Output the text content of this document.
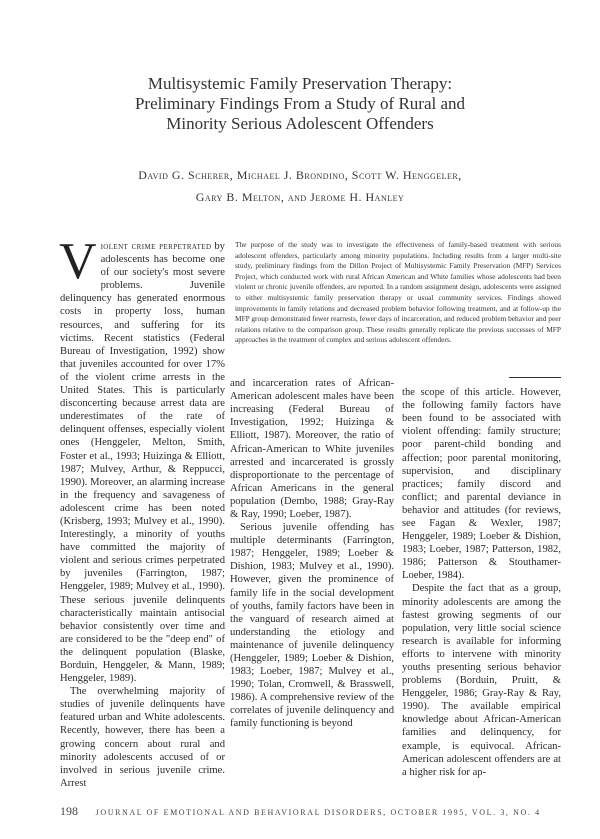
Multisystemic Family Preservation Therapy:
Preliminary Findings From a Study of Rural and
Minority Serious Adolescent Offenders
David G. Scherer, Michael J. Brondino, Scott W. Henggeler,
Gary B. Melton, and Jerome H. Hanley
V iolent crime perpetrated by adolescents has become one of our society's most severe problems. Juvenile delinquency has generated enormous costs in property loss, human resources, and suffering for its victims. Recent statistics (Federal Bureau of Investigation, 1992) show that juveniles accounted for over 17% of the violent crime arrests in the United States. This is particularly disconcerting because arrest data are underestimates of the rate of delinquent offenses, especially violent ones (Henggeler, Melton, Smith, Foster et al., 1993; Huizinga & Elliott, 1987; Mulvey, Arthur, & Reppucci, 1990). Moreover, an alarming increase in the frequency and savageness of adolescent crime has been noted (Krisberg, 1993; Mulvey et al., 1990). Interestingly, a minority of youths have committed the majority of violent and serious crimes perpetrated by juveniles (Farrington, 1987; Henggeler, 1989; Mulvey et al., 1990). These serious juvenile delinquents characteristically maintain antisocial behavior consistently over time and are considered to be the "deep end" of the delinquent population (Blaske, Borduin, Henggeler, & Mann, 1989; Henggeler, 1989).

The overwhelming majority of studies of juvenile delinquents have featured urban and White adolescents. Recently, however, there has been a growing concern about rural and minority adolescents accused of or involved in serious juvenile crime. Arrest

The purpose of the study was to investigate the effectiveness of family-based treatment with serious adolescent offenders, particularly among minority populations. Including results from a larger multi-site study, preliminary findings from the Dillon Project of Multisystemic Family Preservation (MFP) Services Project, which conducted work with rural African American and White families whose adolescents had been violent or chronic juvenile offenders, are reported. In a random assignment design, adolescents were assigned to either multisystemic family preservation therapy or usual community services. Findings showed improvements in family relations and decreased problem behavior following treatment, and at follow-up the MFP group demonstrated fewer rearrests, fewer days of incarceration, and reduced problem behavior and peer relations relative to the comparison group. These results generally replicate the previous successes of MFP approaches in the treatment of complex and serious adolescent offenders.

and incarceration rates of African-American adolescent males have been increasing (Federal Bureau of Investigation, 1992; Huizinga & Elliott, 1987). Moreover, the ratio of African-American to White juveniles arrested and incarcerated is grossly disproportionate to the percentage of African Americans in the general population (Dembo, 1988; Gray-Ray & Ray, 1990; Loeber, 1987).

Serious juvenile offending has multiple determinants (Farrington, 1987; Henggeler, 1989; Loeber & Dishion, 1983; Mulvey et al., 1990). However, given the prominence of family life in the social development of youths, family factors have been in the vanguard of research aimed at understanding the etiology and maintenance of juvenile delinquency (Henggeler, 1989; Loeber & Dishion, 1983; Loeber, 1987; Mulvey et al., 1990; Tolan, Cromwell, & Brasswell, 1986). A comprehensive review of the correlates of juvenile delinquency and family functioning is beyond

the scope of this article. However, the following family factors have been found to be associated with violent offending: family structure; poor parent-child bonding and affection; poor parental monitoring, supervision, and disciplinary practices; family discord and conflict; and parental deviance in behavior and attitudes (for reviews, see Fagan & Wexler, 1987; Henggeler, 1989; Loeber & Dishion, 1983; Loeber, 1987; Patterson, 1982, 1986; Patterson & Stouthamer-Loeber, 1984).

Despite the fact that as a group, minority adolescents are among the fastest growing segments of our population, very little social science research is available for informing efforts to intervene with minority youths presenting serious behavior problems (Borduin, Pruitt, & Henggeler, 1986; Gray-Ray & Ray, 1990). The available empirical knowledge about African-American families and delinquency, for example, is equivocal. African-American adolescent offenders are at a higher risk for ap-

198 JOURNAL OF EMOTIONAL AND BEHAVIORAL DISORDERS, OCTOBER 1995, VOL. 3, NO. 4
